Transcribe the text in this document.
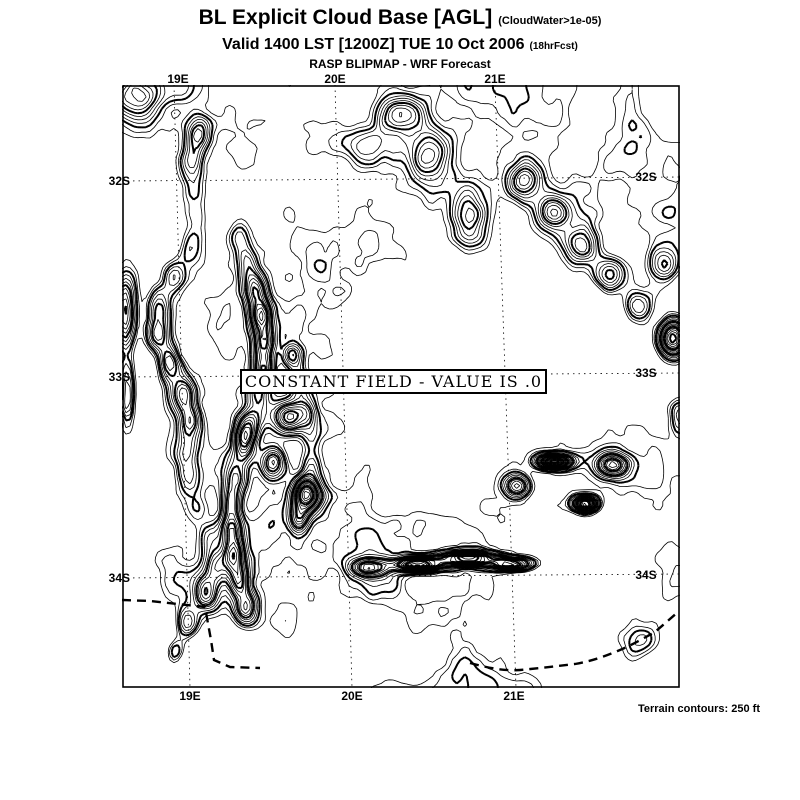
BL Explicit Cloud Base [AGL] (CloudWater>1e-05)
Valid 1400 LST [1200Z] TUE 10 Oct 2006 (18hrFcst)
RASP BLIPMAP - WRF Forecast
19E	20E	21E
19E	20E	21E
32S
33S
34S
32S
33S
34S
CONSTANT FIELD - VALUE IS .0
Terrain contours: 250 ft
